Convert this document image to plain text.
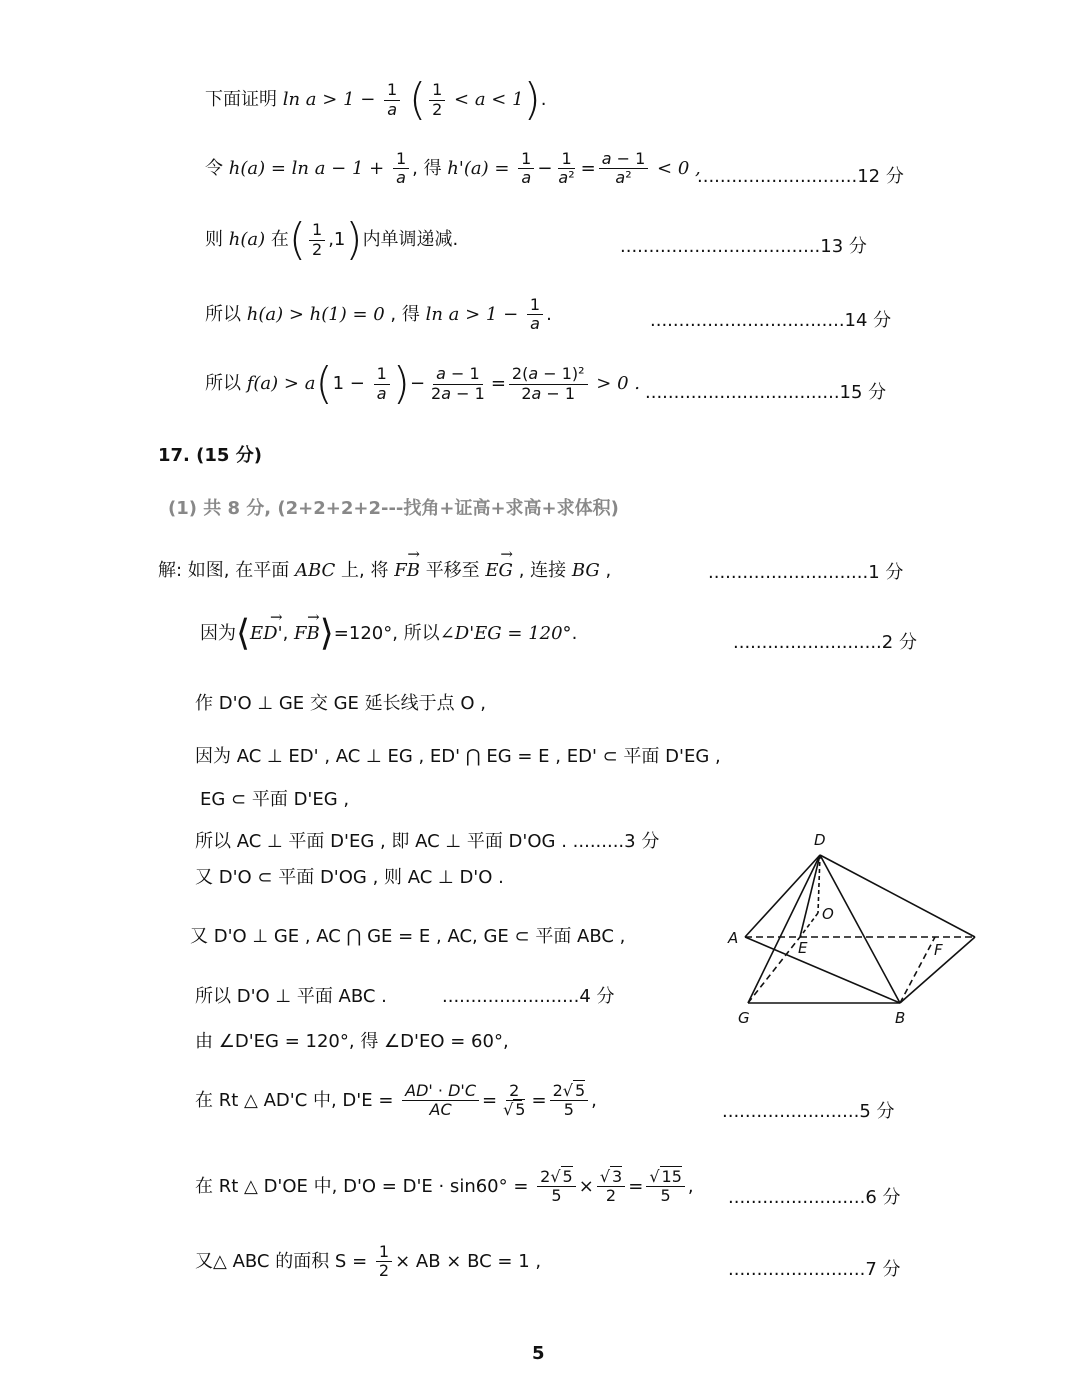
下面证明 $\ln a > 1 - \frac{1}{a}$ ( $\frac{1}{2} < a < 1$).
令 $h(a) = \ln a - 1 + \frac{1}{a}$ , 得 $h'(a) = \frac{1}{a} - \frac{1}{\text{a²}} = \frac{a - 1}{\text{a²}} < 0$ ,
............................12 分
则 h(a) 在( $\frac{1}{2} ,1$)内单调递减.	...................................13 分
所以 h(a) > h(1) = 0 , 得 $\ln a > 1 - \frac{1}{a}$ .	..................................14 分
所以 $f(a) > a(1 - \frac{1}{a}$ )− $\frac{a - 1}{2a - 1} = \frac{\text{2(a − 1)²}}{2a - 1} > 0$ . ..................................15 分
17. (15 分)
(1) 共 8 分, (2+2+2+2---找角+证高+求高+求体积)
解: 如图, 在平面 ABC 上, 将 → FB 平移至 → EG , 连接 BG ,	............................1 分
因为⟨→ ED', → FB⟩=120°, 所以∠D'EG = 120°.	..........................2 分
作 D'O ⊥ GE 交 GE 延长线于点 O ,
因为 AC ⊥ ED' , AC ⊥ EG , ED' ⋂ EG = E , ED' ⊂ 平面 D'EG ,
EG ⊂ 平面 D'EG ,
所以 AC ⊥ 平面 D'EG , 即 AC ⊥ 平面 D'OG . .........3 分
又 D'O ⊂ 平面 D'OG , 则 AC ⊥ D'O .
又 D'O ⊥ GE , AC ⋂ GE = E , AC, GE ⊂ 平面 ABC ,
所以 D'O ⊥ 平面 ABC .	........................4 分
由 ∠D'EG = 120°, 得 ∠D'EO = 60°,
在 Rt △ AD'C 中, $D'E = \frac{AD' \cdot D'C}{AC} = \frac{2}{√ 5} = \frac{2√ 5}{5}$ ,
........................5 分
在 Rt △ D'OE 中, $D'O = D'E \cdot \sin 60^\circ = \frac{2√ 5}{5} \times \frac{√ 3}{2} = \frac{√ 15}{5}$ ,
........................6 分
又△ ABC 的面积 $S = \frac{1}{2}$ × AB × BC = 1 ,	........................7 分
D
O
A
E	F
G	B
5
